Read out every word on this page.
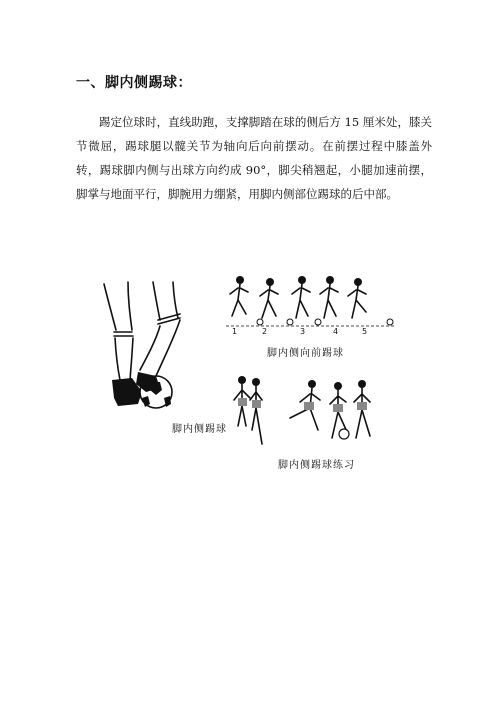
一、脚内侧踢球：
踢定位球时，直线助跑，支撑脚踏在球的侧后方 15 厘米处，膝关节微屈，踢球腿以髋关节为轴向后向前摆动。在前摆过程中膝盖外转，踢球脚内侧与出球方向约成 90°，脚尖稍翘起，小腿加速前摆，脚掌与地面平行，脚腕用力绷紧，用脚内侧部位踢球的后中部。
脚内侧踢球
1	2	3	4	5
脚内侧向前踢球
脚内侧踢球练习
